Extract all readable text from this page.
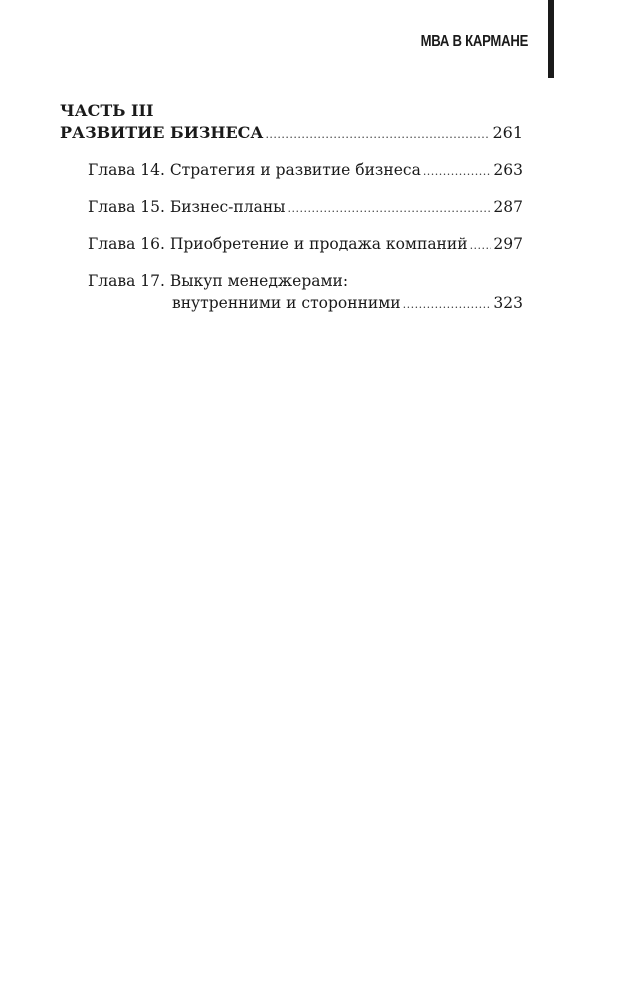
МВА В КАРМАНЕ
ЧАСТЬ III
РАЗВИТИЕ БИЗНЕСА .....	261
Глава 14. Стратегия и развитие бизнеса .....	263
Глава 15. Бизнес-планы .....	287
Глава 16. Приобретение и продажа компаний ..... 297
Глава 17. Выкуп менеджерами:
внутренними и сторонними .....	323
